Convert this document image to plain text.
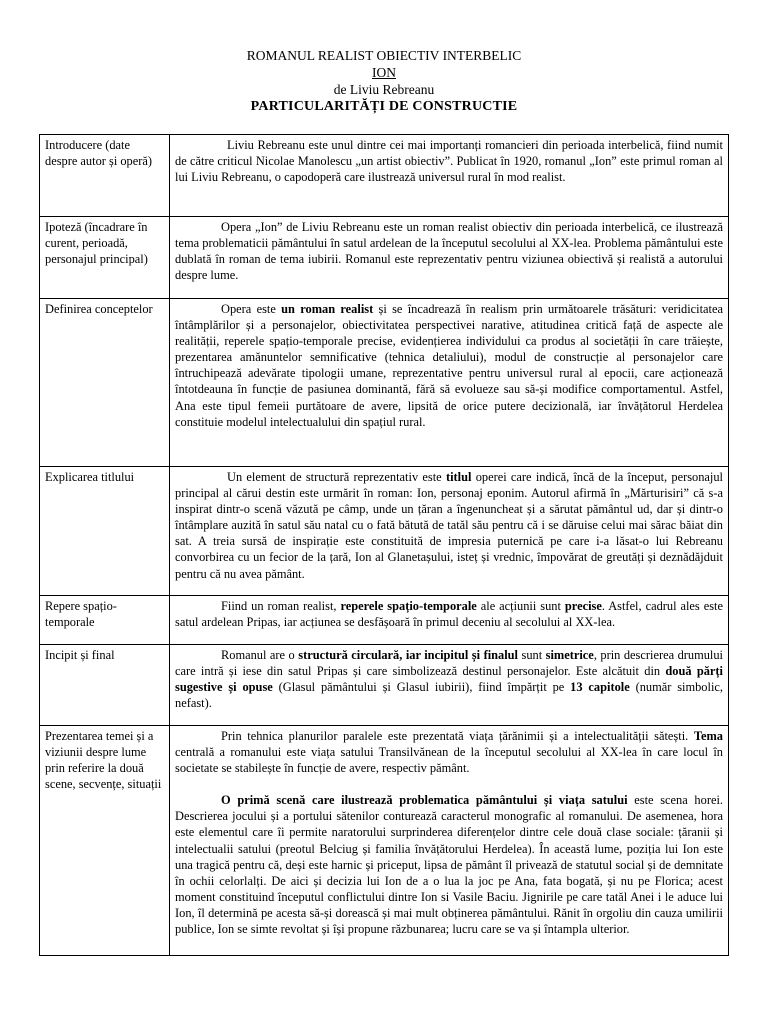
ROMANUL REALIST OBIECTIV INTERBELIC
ION
de Liviu Rebreanu
PARTICULARITĂȚI DE CONSTRUCTIE
Introducere (date despre autor și operă)	Liviu Rebreanu este unul dintre cei mai importanți romancieri din perioada interbelică, fiind numit de către criticul Nicolae Manolescu „un artist obiectiv”. Publicat în 1920, romanul „Ion” este primul roman al lui Liviu Rebreanu, o capodoperă care ilustrează universul rural în mod realist.

Ipoteză (încadrare în curent, perioadă, personajul principal)	Opera „Ion” de Liviu Rebreanu este un roman realist obiectiv din perioada interbelică, ce ilustrează tema problematicii pământului în satul ardelean de la începutul secolului al XX-lea. Problema pământului este dublată în roman de tema iubirii. Romanul este reprezentativ pentru viziunea obiectivă și realistă a autorului despre lume.

Definirea conceptelor	Opera este un roman realist și se încadrează în realism prin următoarele trăsături: veridicitatea întâmplărilor și a personajelor, obiectivitatea perspectivei narative, atitudinea critică față de aspecte ale realității, reperele spațio-temporale precise, evidențierea individului ca produs al societății în care trăiește, prezentarea amănuntelor semnificative (tehnica detaliului), modul de construcție al personajelor care întruchipează adevărate tipologii umane, reprezentative pentru universul rural al epocii, care acționează întotdeauna în funcție de pasiunea dominantă, fără să evolueze sau să-și modifice comportamentul. Astfel, Ana este tipul femeii purtătoare de avere, lipsită de orice putere decizională, iar învățătorul Herdelea constituie modelul intelectualului din spațiul rural.

Explicarea titlului	Un element de structură reprezentativ este titlul operei care indică, încă de la început, personajul principal al cărui destin este urmărit în roman: Ion, personaj eponim. Autorul afirmă în „Mărturisiri” că s-a inspirat dintr-o scenă văzută pe câmp, unde un țăran a îngenuncheat și a sărutat pământul ud, dar și dintr-o întâmplare auzită în satul său natal cu o fată bătută de tatăl său pentru că i se dăruise celui mai sărac băiat din sat. A treia sursă de inspirație este constituită de impresia puternică pe care i-a lăsat-o lui Rebreanu convorbirea cu un fecior de la țară, Ion al Glanetașului, isteț și vrednic, împovărat de greutăți și deznădăjduit pentru că nu avea pământ.

Repere spațio-temporale	Fiind un roman realist, reperele spațio-temporale ale acțiunii sunt precise. Astfel, cadrul ales este satul ardelean Pripas, iar acțiunea se desfășoară în primul deceniu al secolului al XX-lea.

Incipit și final	Romanul are o structură circulară, iar incipitul și finalul sunt simetrice, prin descrierea drumului care intră și iese din satul Pripas și care simbolizează destinul personajelor. Este alcătuit din două părți sugestive și opuse (Glasul pământului și Glasul iubirii), fiind împărțit pe 13 capitole (număr simbolic, nefast).

Prezentarea temei și a viziunii despre lume prin referire la două scene, secvențe, situații	Prin tehnica planurilor paralele este prezentată viața țărănimii și a intelectualității sătești. Tema centrală a romanului este viața satului Transilvănean de la începutul secolului al XX-lea în care locul în societate se stabilește în funcție de avere, respectiv pământ.

O primă scenă care ilustrează problematica pământului și viața satului este scena horei. Descrierea jocului și a portului sătenilor conturează caracterul monografic al romanului. De asemenea, hora este elementul care îi permite naratorului surprinderea diferențelor dintre cele două clase sociale: țăranii și intelectualii satului (preotul Belciug și familia învățătorului Herdelea). În această lume, poziția lui Ion este una tragică pentru că, deși este harnic și priceput, lipsa de pământ îl privează de statutul social și de demnitate în ochii celorlalți. De aici și decizia lui Ion de a o lua la joc pe Ana, fata bogată, și nu pe Florica; acest moment constituind începutul conflictului dintre Ion si Vasile Baciu. Jignirile pe care tatăl Anei i le aduce lui Ion, îl determină pe acesta să-și dorească și mai mult obținerea pământului. Rănit în orgoliu din cauza umilirii publice, Ion se simte revoltat și își propune răzbunarea; lucru care se va și întampla ulterior.
